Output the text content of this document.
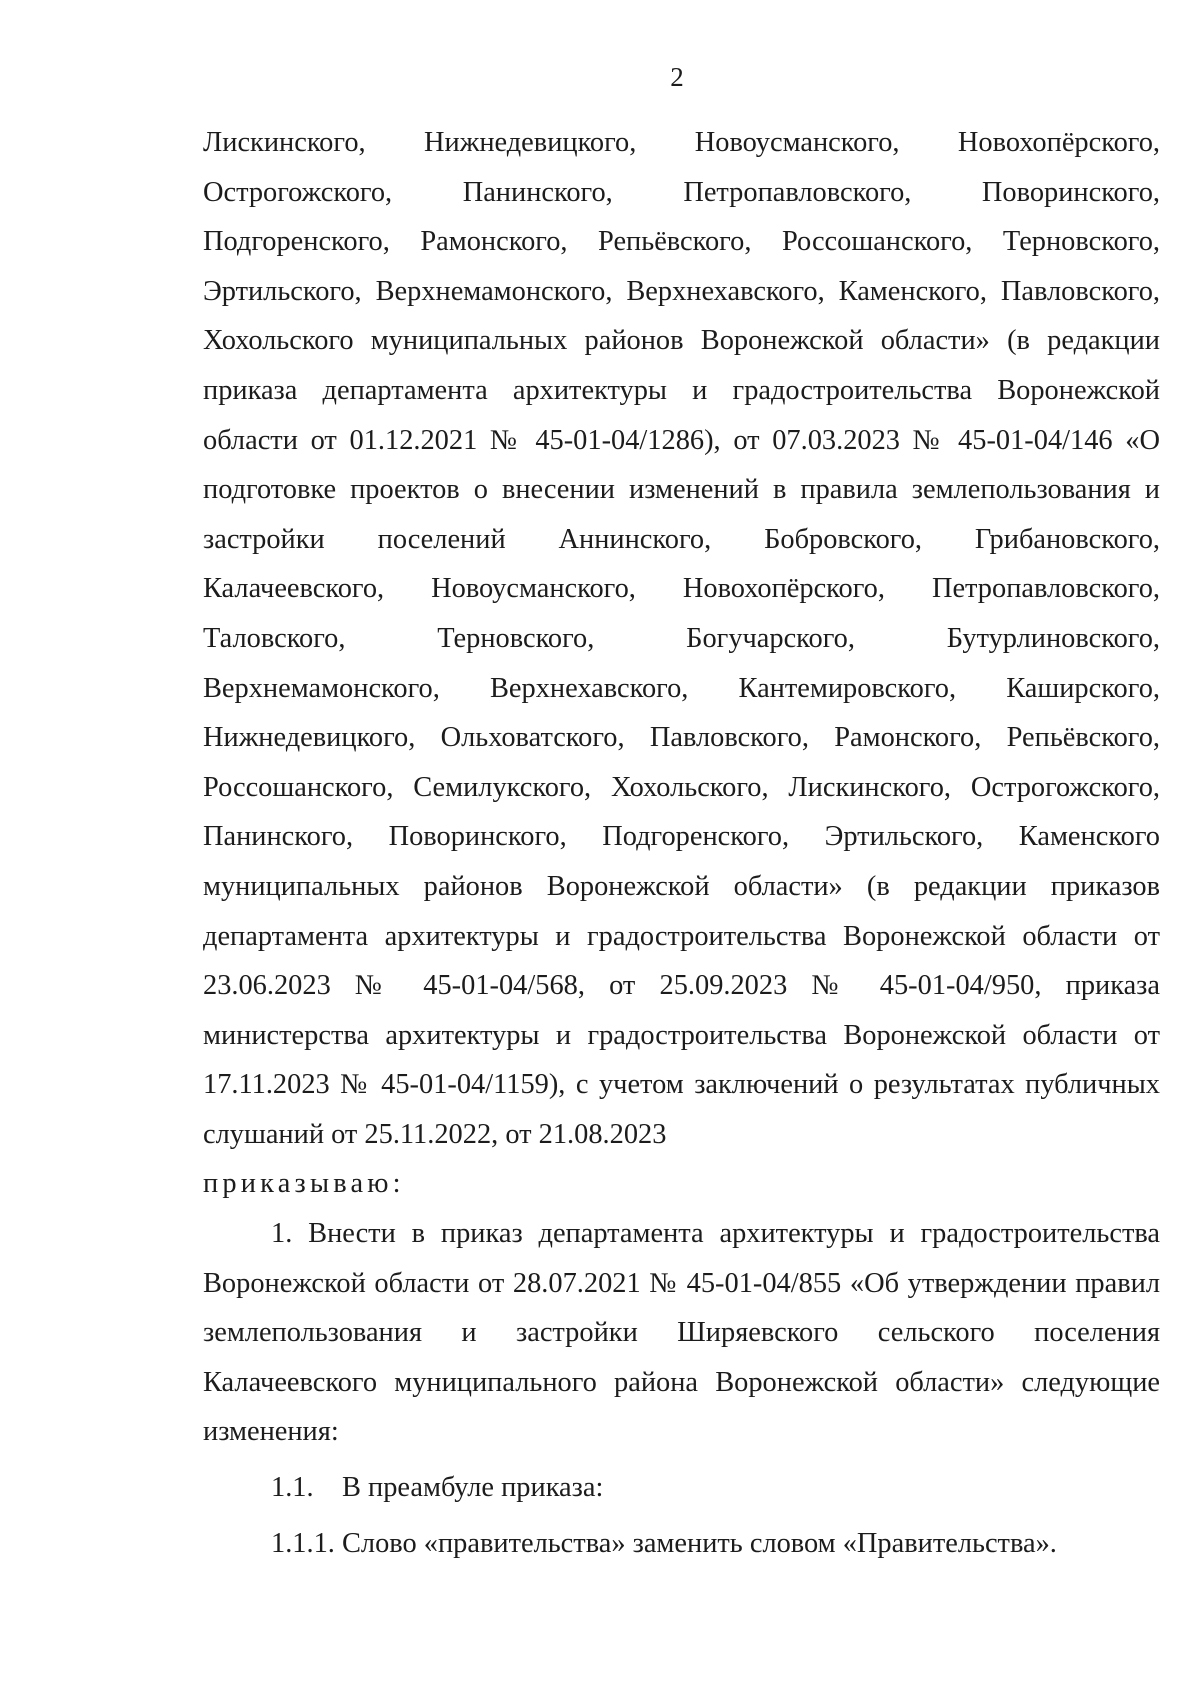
2
Лискинского, Нижнедевицкого, Новоусманского, Новохопёрского,
Острогожского, Панинского, Петропавловского, Поворинского,
Подгоренского, Рамонского, Репьёвского, Россошанского, Терновского,
Эртильского, Верхнемамонского, Верхнехавского, Каменского, Павловского,
Хохольского муниципальных районов Воронежской области» (в редакции
приказа департамента архитектуры и градостроительства Воронежской
области от 01.12.2021 № 45-01-04/1286), от 07.03.2023 № 45-01-04/146 «О
подготовке проектов о внесении изменений в правила землепользования и
застройки поселений Аннинского, Бобровского, Грибановского,
Калачеевского, Новоусманского, Новохопёрского, Петропавловского,
Таловского, Терновского, Богучарского, Бутурлиновского,
Верхнемамонского, Верхнехавского, Кантемировского, Каширского,
Нижнедевицкого, Ольховатского, Павловского, Рамонского, Репьёвского,
Россошанского, Семилукского, Хохольского, Лискинского, Острогожского,
Панинского, Поворинского, Подгоренского, Эртильского, Каменского
муниципальных районов Воронежской области» (в редакции приказов
департамента архитектуры и градостроительства Воронежской области от
23.06.2023 № 45-01-04/568, от 25.09.2023 № 45-01-04/950, приказа
министерства архитектуры и градостроительства Воронежской области от
17.11.2023 № 45-01-04/1159), с учетом заключений о результатах публичных
слушаний от 25.11.2022, от 21.08.2023
приказываю:
1. Внести в приказ департамента архитектуры и градостроительства
Воронежской области от 28.07.2021 № 45-01-04/855 «Об утверждении правил
землепользования и застройки Ширяевского сельского поселения
Калачеевского муниципального района Воронежской области» следующие
изменения:
1.1. В преамбуле приказа:
1.1.1. Слово «правительства» заменить словом «Правительства».
